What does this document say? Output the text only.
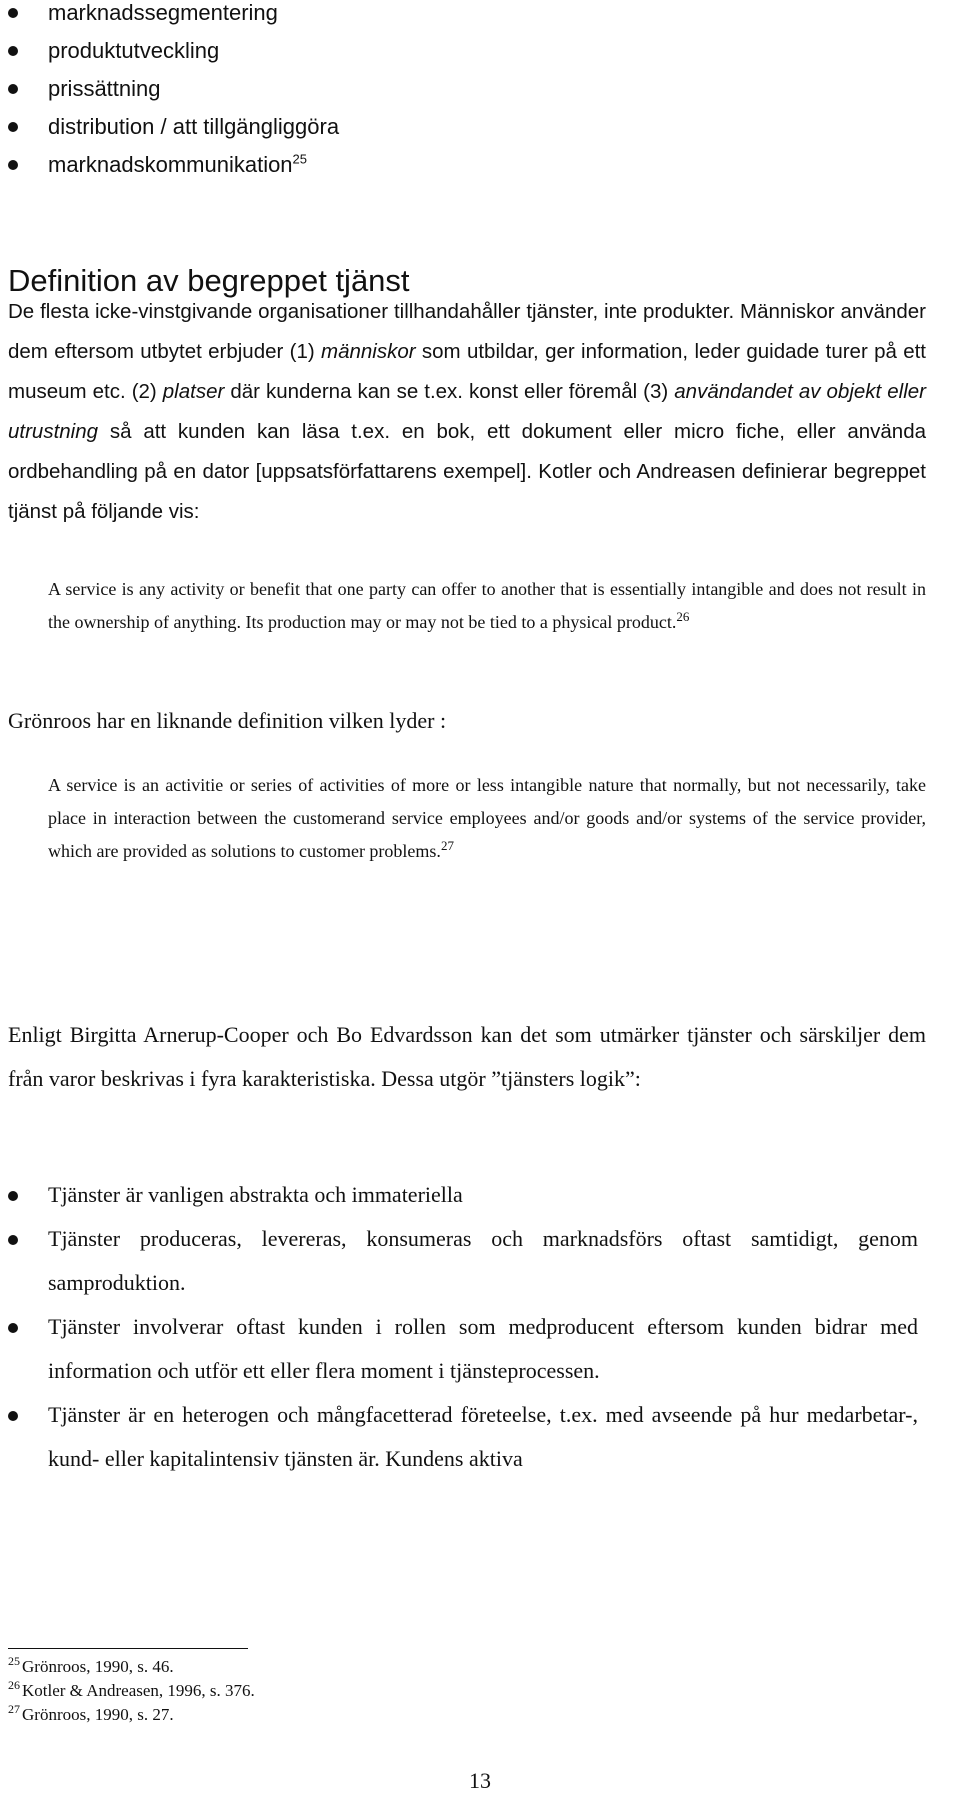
marknadssegmentering
produktutveckling
prissättning
distribution / att tillgängliggöra
marknadskommunikation$^{25}$
Definition av begreppet tjänst

De flesta icke-vinstgivande organisationer tillhandahåller tjänster, inte produkter. Människor använder dem eftersom utbytet erbjuder (1) människor som utbildar, ger information, leder guidade turer på ett museum etc. (2) platser där kunderna kan se t.ex. konst eller föremål (3) användandet av objekt eller utrustning så att kunden kan läsa t.ex. en bok, ett dokument eller micro fiche, eller använda ordbehandling på en dator [uppsatsförfattarens exempel]. Kotler och Andreasen definierar begreppet tjänst på följande vis:

A service is any activity or benefit that one party can offer to another that is essentially intangible and does not result in the ownership of anything. Its production may or may not be tied to a physical product.$^{26}$

Grönroos har en liknande definition vilken lyder :

A service is an activitie or series of activities of more or less intangible nature that normally, but not necessarily, take place in interaction between the customerand service employees and/or goods and/or systems of the service provider, which are provided as solutions to customer problems.$^{27}$

Enligt Birgitta Arnerup-Cooper och Bo Edvardsson kan det som utmärker tjänster och särskiljer dem från varor beskrivas i fyra karakteristiska. Dessa utgör ”tjänsters logik”:

Tjänster är vanligen abstrakta och immateriella
Tjänster produceras, levereras, konsumeras och marknadsförs oftast samtidigt, genom samproduktion.
Tjänster involverar oftast kunden i rollen som medproducent eftersom kunden bidrar med information och utför ett eller flera moment i tjänsteprocessen.
Tjänster är en heterogen och mångfacetterad företeelse, t.ex. med avseende på hur medarbetar-, kund- eller kapitalintensiv tjänsten är. Kundens aktiva
$^{25}$ Grönroos, 1990, s. 46.
$^{26}$ Kotler & Andreasen, 1996, s. 376.
$^{27}$ Grönroos, 1990, s. 27.
13
